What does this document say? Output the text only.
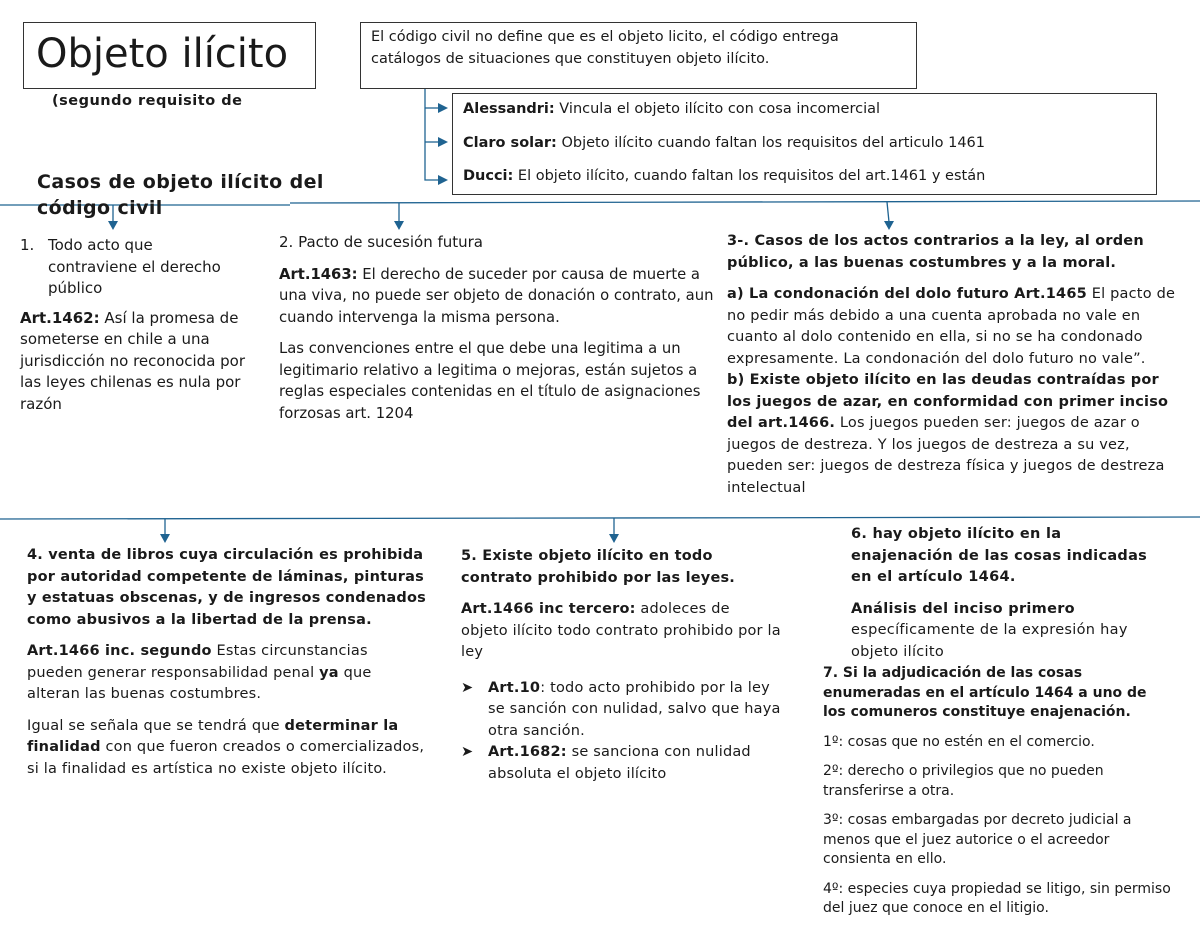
Objeto ilícito
(segundo requisito de
Casos de objeto ilícito del código civil
El código civil no define que es el objeto licito, el código entrega catálogos de situaciones que constituyen objeto ilícito.
Alessandri: Vincula el objeto ilícito con cosa incomercial
Claro solar: Objeto ilícito cuando faltan los requisitos del articulo 1461
Ducci: El objeto ilícito, cuando faltan los requisitos del art.1461 y están
1. Todo acto que contraviene el derecho público
Art.1462: Así la promesa de someterse en chile a una jurisdicción no reconocida por las leyes chilenas es nula por razón

2. Pacto de sucesión futura

Art.1463: El derecho de suceder por causa de muerte a una viva, no puede ser objeto de donación o contrato, aun cuando intervenga la misma persona.

Las convenciones entre el que debe una legitima a un legitimario relativo a legitima o mejoras, están sujetos a reglas especiales contenidas en el título de asignaciones forzosas art. 1204

3-. Casos de los actos contrarios a la ley, al orden público, a las buenas costumbres y a la moral.

a) La condonación del dolo futuro Art.1465 El pacto de no pedir más debido a una cuenta aprobada no vale en cuanto al dolo contenido en ella, si no se ha condonado expresamente. La condonación del dolo futuro no vale”.
b) Existe objeto ilícito en las deudas contraídas por los juegos de azar, en conformidad con primer inciso del art.1466. Los juegos pueden ser: juegos de azar o juegos de destreza. Y los juegos de destreza a su vez, pueden ser: juegos de destreza física y juegos de destreza intelectual

4. venta de libros cuya circulación es prohibida por autoridad competente de láminas, pinturas y estatuas obscenas, y de ingresos condenados como abusivos a la libertad de la prensa.

Art.1466 inc. segundo Estas circunstancias pueden generar responsabilidad penal ya que alteran las buenas costumbres.

Igual se señala que se tendrá que determinar la finalidad con que fueron creados o comercializados, si la finalidad es artística no existe objeto ilícito.

5. Existe objeto ilícito en todo contrato prohibido por las leyes.

Art.1466 inc tercero: adoleces de objeto ilícito todo contrato prohibido por la ley

➤ Art.10: todo acto prohibido por la ley se sanción con nulidad, salvo que haya otra sanción.
➤ Art.1682: se sanciona con nulidad absoluta el objeto ilícito

6. hay objeto ilícito en la enajenación de las cosas indicadas en el artículo 1464.

Análisis del inciso primero
específicamente de la expresión hay objeto ilícito

7. Si la adjudicación de las cosas enumeradas en el artículo 1464 a uno de los comuneros constituye enajenación.

1º: cosas que no estén en el comercio.

2º: derecho o privilegios que no pueden transferirse a otra.

3º: cosas embargadas por decreto judicial a menos que el juez autorice o el acreedor consienta en ello.

4º: especies cuya propiedad se litigo, sin permiso del juez que conoce en el litigio.
